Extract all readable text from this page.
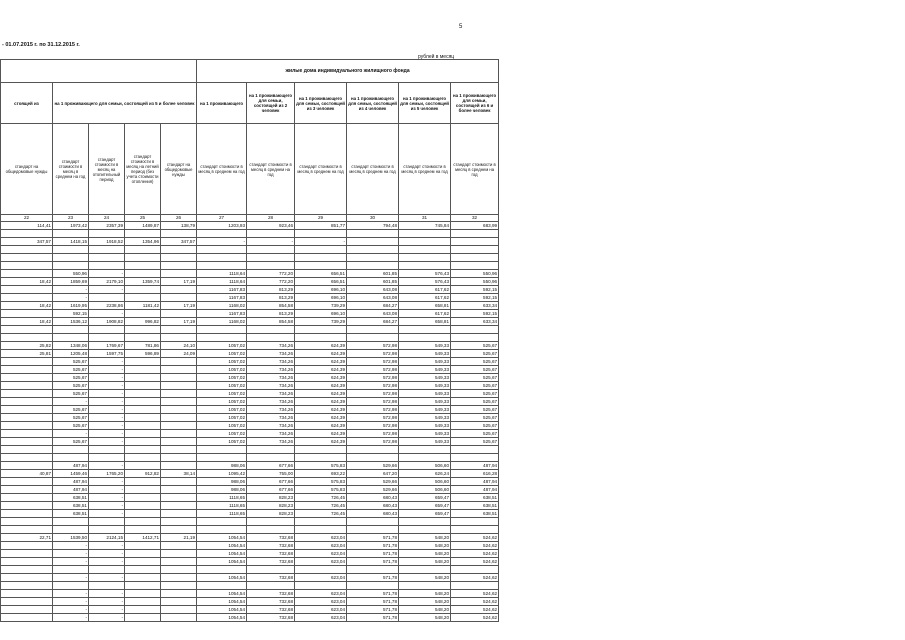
5
- 01.07.2015 г. по 31.12.2015 г.
рублей в месяц
					жилые дома индивидуального жилищного фонда					
стоящей из	на 1 проживающего для семьи, состоящей из 5 и более человек				на 1 проживающего	на 1 проживающего для семьи, состоящей из 2 человек	на 1 проживающего для семьи, состоящей из 3 человек	на 1 проживающего для семьи, состоящей из 4 человек	на 1 проживающего для семьи, состоящей из 5 человек	на 1 проживающего для семьи, состоящей из 6 и более человек
стандарт на общедомовые нужды	стандарт стоимости в месяц в среднем на год	стандарт стоимости в месяц на отопительный период	стандарт стоимости в месяц на летний период (без учета стоимости отопления)	стандарт на общедомовые нужды	стандарт стоимости в месяц в среднем на год	стандарт стоимости в месяц в среднем на год	стандарт стоимости в месяц в среднем на год	стандарт стоимости в месяц в среднем на год	стандарт стоимости в месяц в среднем на год	стандарт стоимости в месяц в среднем на год
22	23	24	25	26	27	28	29	30	31	32
114,41	1973,42	2357,39	1489,87	138,79	1203,93	923,46	851,77	794,48	745,84	683,99

347,57	1418,15	1918,52	1354,96	347,57	-	-	-			

	550,96	-			1118,64	772,20	656,51	601,85	576,43	550,96
18,42	1859,69	2179,10	1359,74	17,19	1118,64	772,20	656,51	601,85	576,43	550,96
	-	-			1167,83	813,29	696,10	643,08	617,62	592,15
	-				1167,83	813,29	696,10	643,08	617,62	592,15
18,42	1619,95	2238,86	1181,42	17,19	1168,02	854,58	739,29	684,27	658,81	633,34
	592,15	-			1167,83	813,29	696,10	643,08	617,62	592,15
18,42	1536,12	1908,82	996,82	17,19	1168,02	854,58	739,29	684,27	658,81	633,34

25,82	1348,06	1769,67	781,86	24,10	1057,02	734,26	624,39	572,98	549,33	525,67
25,81	1205,48	1597,75	596,89	24,09	1057,02	734,26	624,39	572,98	549,33	525,67
	525,67	-			1057,02	734,26	624,39	572,98	549,33	525,67
	525,67	-			1057,02	734,26	624,39	572,98	549,33	525,67
	525,67	-			1057,02	734,26	624,39	572,98	549,33	525,67
	525,67	-			1057,02	734,26	624,39	572,98	549,33	525,67
	525,67	-			1057,02	734,26	624,39	572,98	549,33	525,67
	-	-			1057,02	734,26	624,39	572,98	549,33	525,67
	525,67	-			1057,02	734,26	624,39	572,98	549,33	525,67
	525,67	-			1057,02	734,26	624,39	572,98	549,33	525,67
	525,67	-			1057,02	734,26	624,39	572,98	549,33	525,67
	-	-			1057,02	734,26	624,39	572,98	549,33	525,67
	525,67	-			1057,02	734,26	624,39	572,98	549,33	525,67

	487,94	-			988,06	677,66	575,83	529,66	506,60	487,94
40,87	1459,46	1765,20	912,82	38,14	1095,42	755,00	693,22	647,20	626,24	616,28
	487,94	-			988,06	677,66	575,83	529,66	506,60	487,94
	487,94	-			988,06	677,66	575,83	529,66	506,60	487,94
	638,51	-			1118,65	828,23	726,45	680,43	659,47	638,51
	638,51	-			1118,65	828,23	726,45	680,43	659,47	638,51
	638,51	-			1118,65	828,23	726,45	680,43	659,47	638,51

22,71	1539,50	2124,15	1412,71	21,19	1054,54	732,68	623,04	571,78	548,20	524,62
	-	-			1054,54	732,68	623,04	571,78	548,20	524,62
	-	-			1054,54	732,68	623,04	571,78	548,20	524,62
	-	-			1054,54	732,68	623,04	571,78	548,20	524,62

	-	-			1054,54	732,68	623,04	571,78	548,20	524,62

	-	-			1054,54	732,68	623,04	571,78	548,20	524,62
	-	-			1054,54	732,68	623,04	571,78	548,20	524,62
	-	-			1054,54	732,68	623,04	571,78	548,20	524,62
	-	-			1054,54	732,68	623,04	571,78	548,20	524,62
